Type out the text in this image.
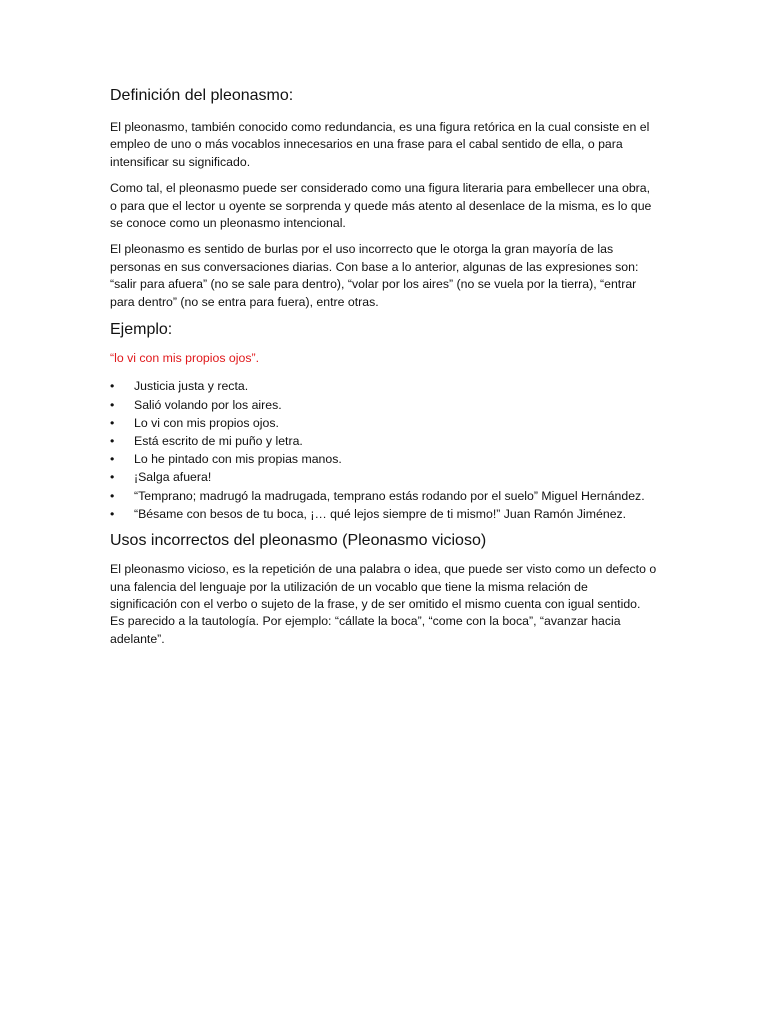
Definición del pleonasmo:

El pleonasmo, también conocido como redundancia, es una figura retórica en la cual consiste en el empleo de uno o más vocablos innecesarios en una frase para el cabal sentido de ella, o para intensificar su significado.

Como tal, el pleonasmo puede ser considerado como una figura literaria para embellecer una obra, o para que el lector u oyente se sorprenda y quede más atento al desenlace de la misma, es lo que se conoce como un pleonasmo intencional.

El pleonasmo es sentido de burlas por el uso incorrecto que le otorga la gran mayoría de las personas en sus conversaciones diarias. Con base a lo anterior, algunas de las expresiones son: “salir para afuera” (no se sale para dentro), “volar por los aires” (no se vuela por la tierra), “entrar para dentro” (no se entra para fuera), entre otras.

Ejemplo:

“lo vi con mis propios ojos”.

•	Justicia justa y recta.
•	Salió volando por los aires.
•	Lo vi con mis propios ojos.
•	Está escrito de mi puño y letra.
•	Lo he pintado con mis propias manos.
•	¡Salga afuera!
•	“Temprano; madrugó la madrugada, temprano estás rodando por el suelo” Miguel Hernández.
•	“Bésame con besos de tu boca, ¡… qué lejos siempre de ti mismo!” Juan Ramón Jiménez.
Usos incorrectos del pleonasmo (Pleonasmo vicioso)

El pleonasmo vicioso, es la repetición de una palabra o idea, que puede ser visto como un defecto o una falencia del lenguaje por la utilización de un vocablo que tiene la misma relación de significación con el verbo o sujeto de la frase, y de ser omitido el mismo cuenta con igual sentido. Es parecido a la tautología. Por ejemplo: “cállate la boca”, “come con la boca”, “avanzar hacia adelante”.
